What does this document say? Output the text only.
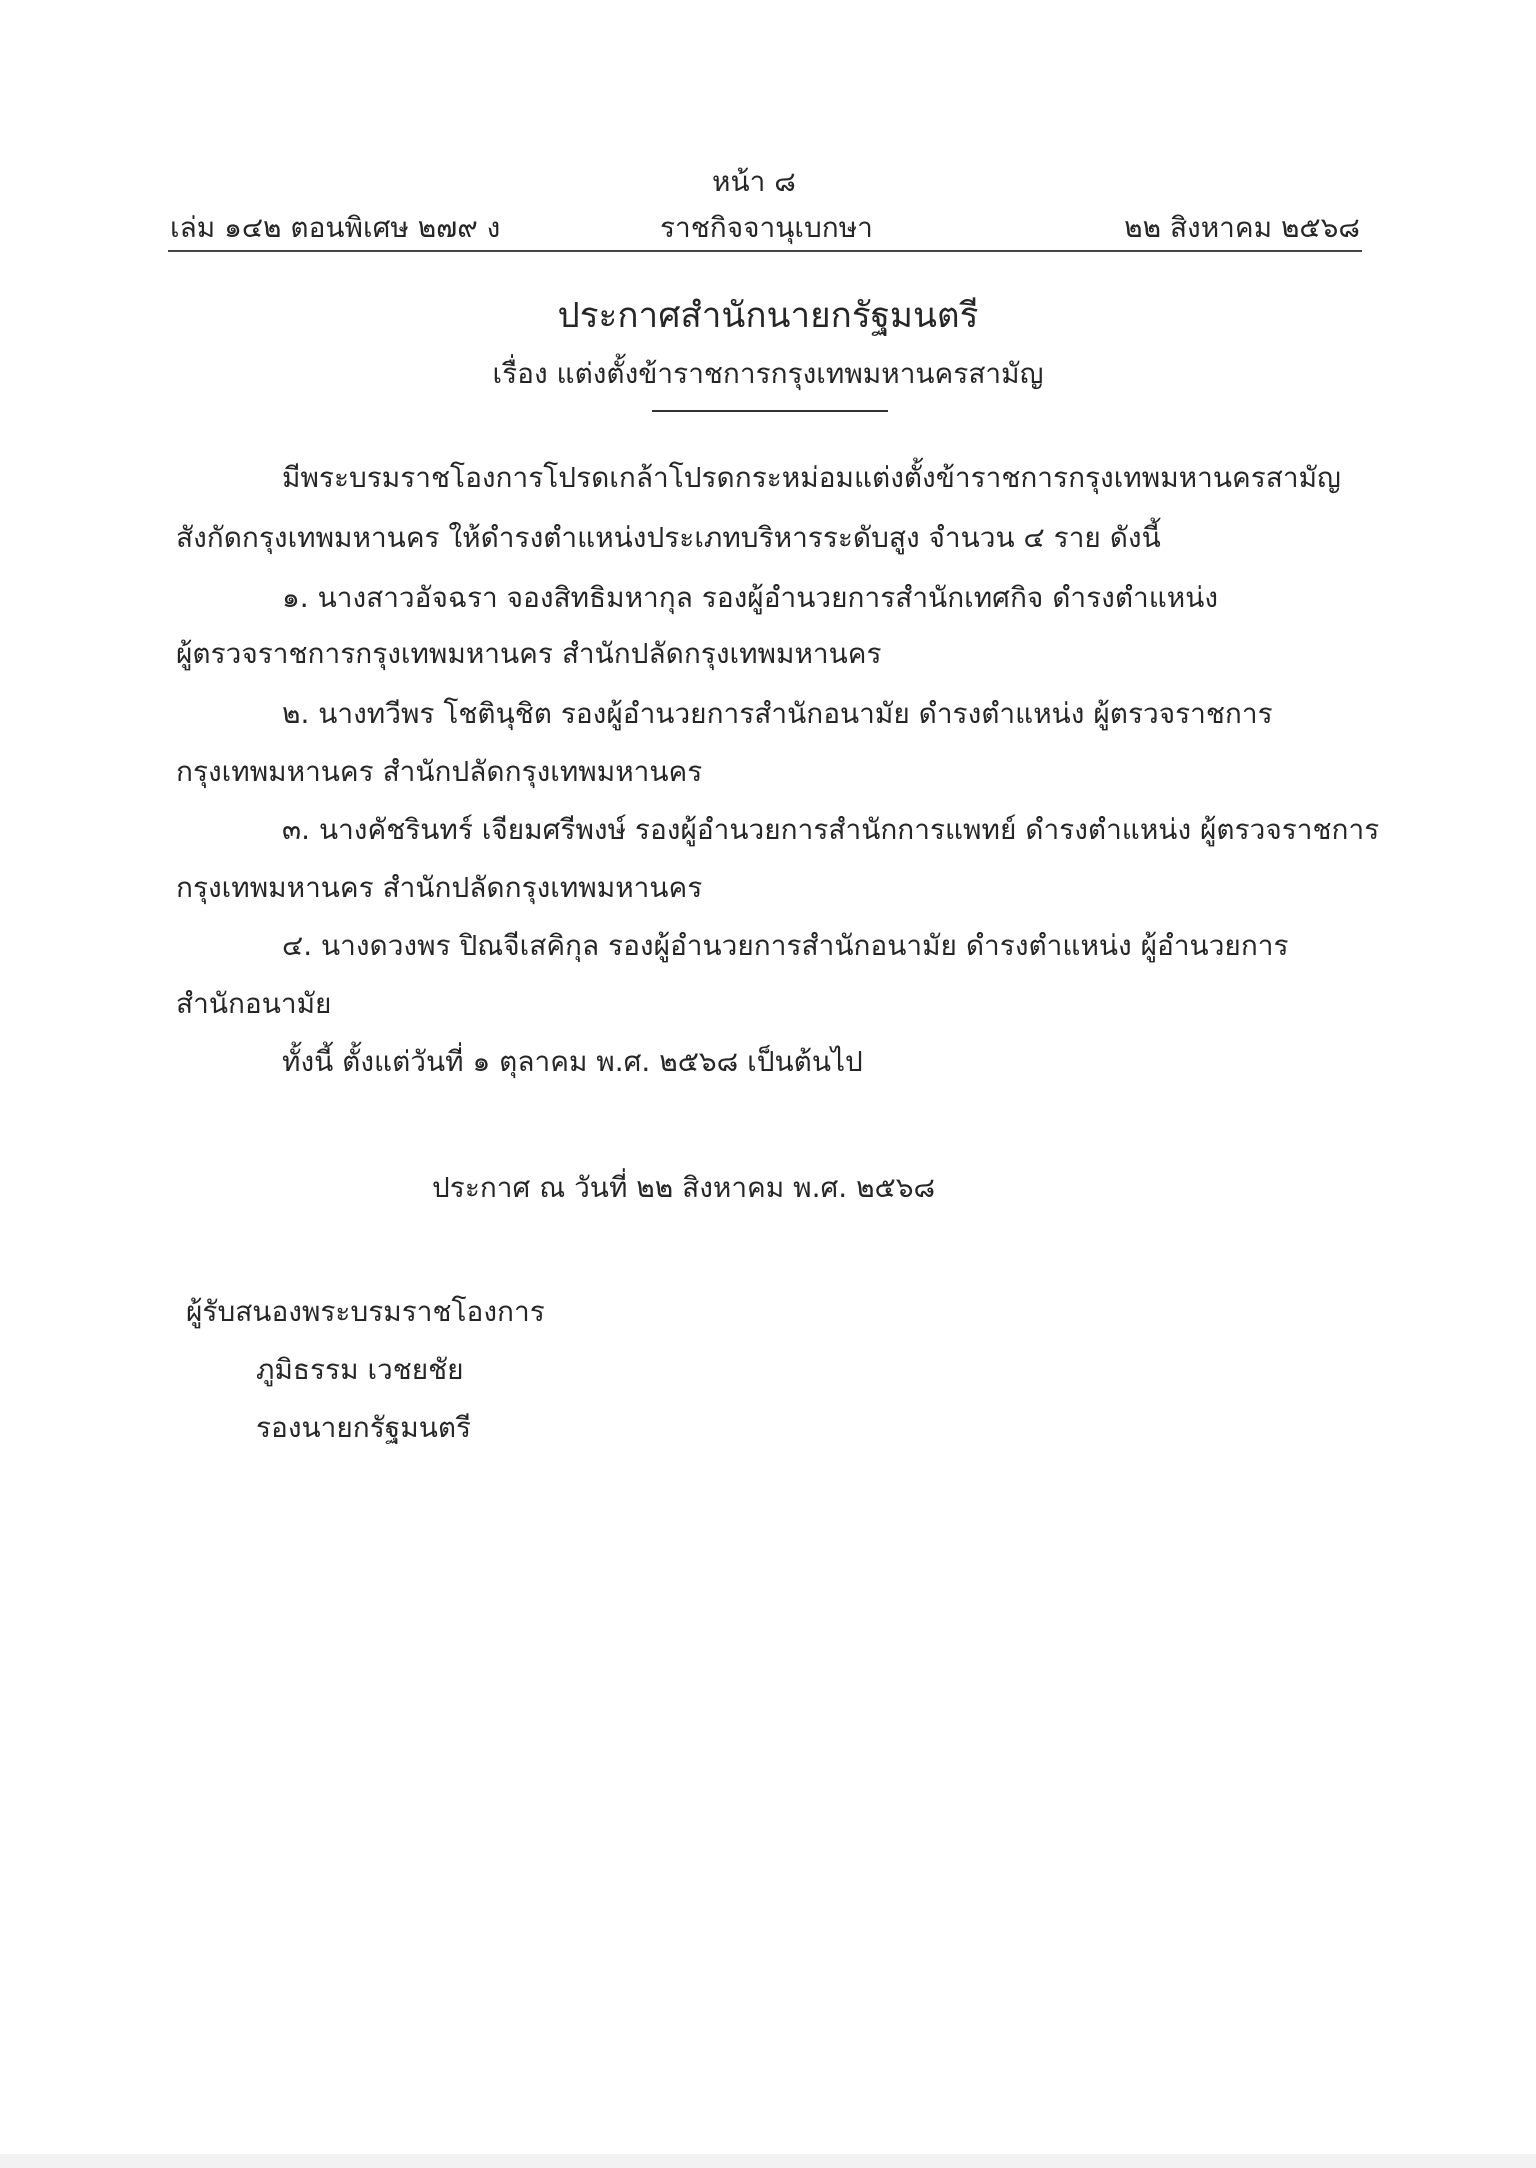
หน้า ๘
เล่ม ๑๔๒ ตอนพิเศษ ๒๗๙ ง	ราชกิจจานุเบกษา	๒๒ สิงหาคม ๒๕๖๘
ประกาศสำนักนายกรัฐมนตรี
เรื่อง แต่งตั้งข้าราชการกรุงเทพมหานครสามัญ
มีพระบรมราชโองการโปรดเกล้าโปรดกระหม่อมแต่งตั้งข้าราชการกรุงเทพมหานครสามัญ
สังกัดกรุงเทพมหานคร ให้ดำรงตำแหน่งประเภทบริหารระดับสูง จำนวน ๔ ราย ดังนี้
๑. นางสาวอัจฉรา จองสิทธิมหากุล รองผู้อำนวยการสำนักเทศกิจ ดำรงตำแหน่ง
ผู้ตรวจราชการกรุงเทพมหานคร สำนักปลัดกรุงเทพมหานคร
๒. นางทวีพร โชตินุชิต รองผู้อำนวยการสำนักอนามัย ดำรงตำแหน่ง ผู้ตรวจราชการ
กรุงเทพมหานคร สำนักปลัดกรุงเทพมหานคร
๓. นางคัชรินทร์ เจียมศรีพงษ์ รองผู้อำนวยการสำนักการแพทย์ ดำรงตำแหน่ง ผู้ตรวจราชการ
กรุงเทพมหานคร สำนักปลัดกรุงเทพมหานคร
๔. นางดวงพร ปิณจีเสคิกุล รองผู้อำนวยการสำนักอนามัย ดำรงตำแหน่ง ผู้อำนวยการ
สำนักอนามัย
ทั้งนี้ ตั้งแต่วันที่ ๑ ตุลาคม พ.ศ. ๒๕๖๘ เป็นต้นไป
ประกาศ ณ วันที่ ๒๒ สิงหาคม พ.ศ. ๒๕๖๘
ผู้รับสนองพระบรมราชโองการ
ภูมิธรรม เวชยชัย
รองนายกรัฐมนตรี
